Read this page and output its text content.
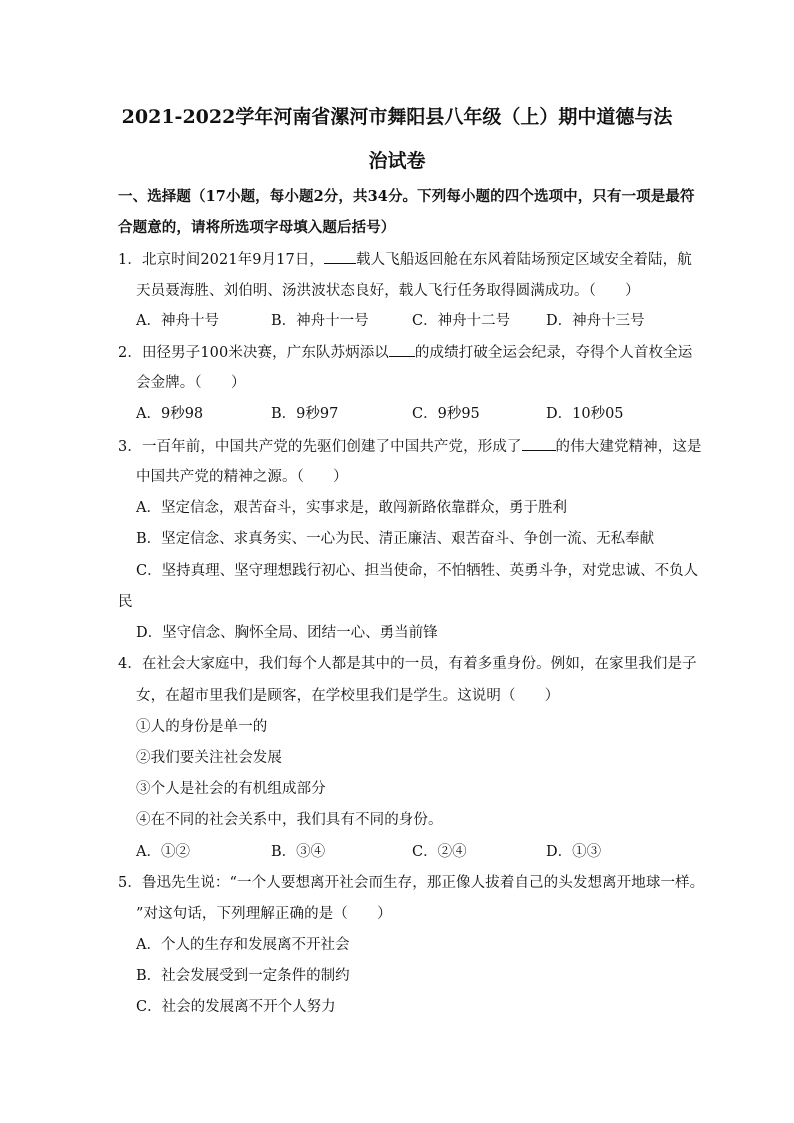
2021-2022学年河南省漯河市舞阳县八年级（上）期中道德与法
治试卷
一、选择题（17小题，每小题2分，共34分。下列每小题的四个选项中，只有一项是最符
合题意的，请将所选项字母填入题后括号）
1．北京时间2021年9月17日， 载人飞船返回舱在东风着陆场预定区域安全着陆，航
天员聂海胜、刘伯明、汤洪波状态良好，载人飞行任务取得圆满成功。（　　）
A．神舟十号	B．神舟十一号	C．神舟十二号 D．神舟十三号
2．田径男子100米决赛，广东队苏炳添以 的成绩打破全运会纪录，夺得个人首枚全运
会金牌。（　　）
A．9秒98	B．9秒97	C．9秒95	D．10秒05
3．一百年前，中国共产党的先驱们创建了中国共产党，形成了 的伟大建党精神，这是
中国共产党的精神之源。（　　）
A．坚定信念，艰苦奋斗，实事求是，敢闯新路依靠群众，勇于胜利
B．坚定信念、求真务实、一心为民、清正廉洁、艰苦奋斗、争创一流、无私奉献
C．坚持真理、坚守理想践行初心、担当使命，不怕牺牲、英勇斗争，对党忠诚、不负人
民
D．坚守信念、胸怀全局、团结一心、勇当前锋
4．在社会大家庭中，我们每个人都是其中的一员，有着多重身份。例如，在家里我们是子
女，在超市里我们是顾客，在学校里我们是学生。这说明（　　）
①人的身份是单一的
②我们要关注社会发展
③个人是社会的有机组成部分
④在不同的社会关系中，我们具有不同的身份。
A．①②	B．③④	C．②④	D．①③
5．鲁迅先生说：“一个人要想离开社会而生存，那正像人拔着自己的头发想离开地球一样。
”对这句话，下列理解正确的是（　　）
A．个人的生存和发展离不开社会
B．社会发展受到一定条件的制约
C．社会的发展离不开个人努力
